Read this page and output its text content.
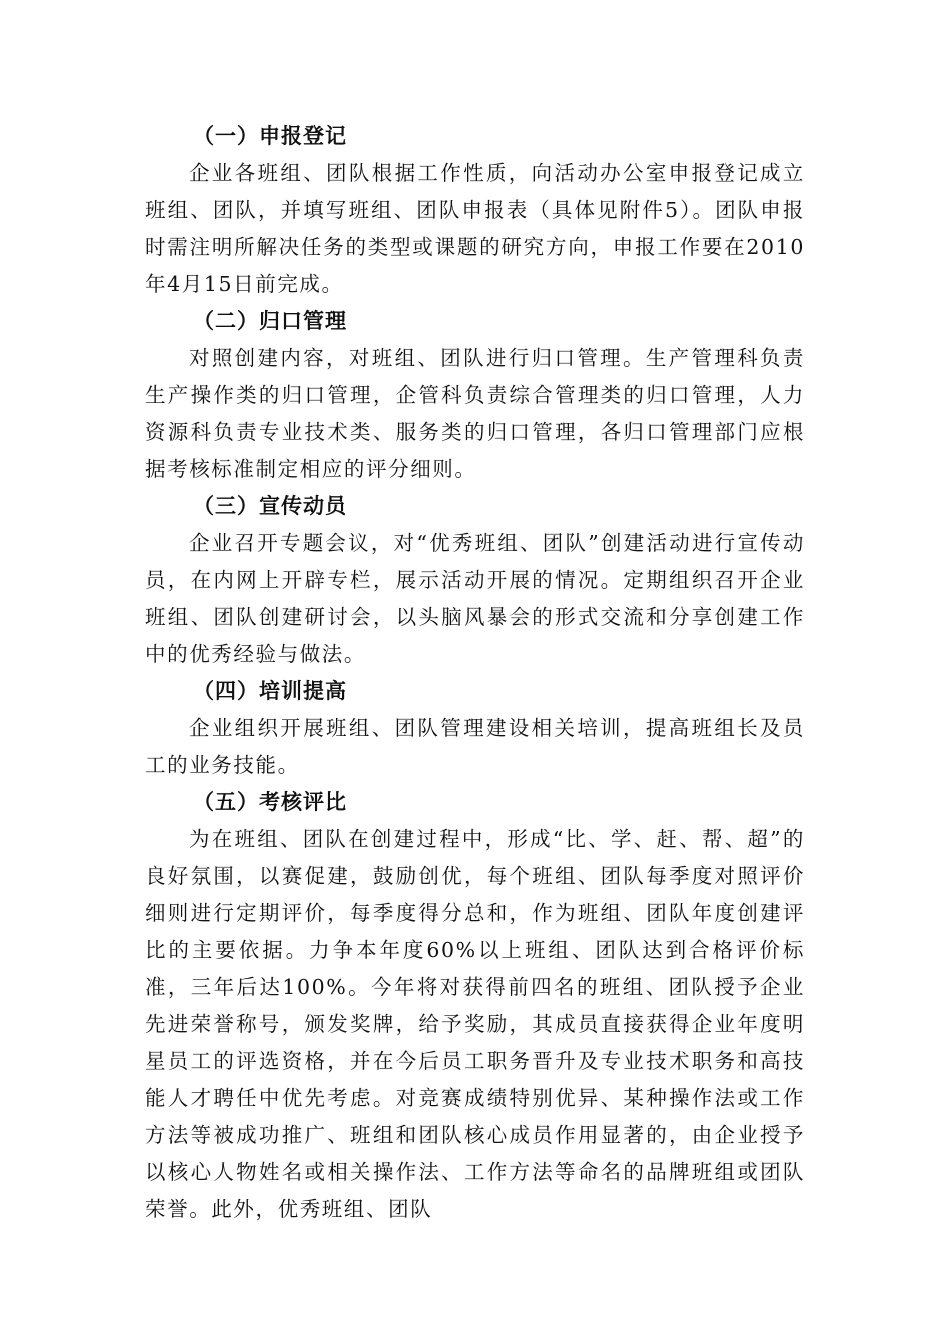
（一）申报登记

企业各班组、团队根据工作性质，向活动办公室申报登记成立班组、团队，并填写班组、团队申报表（具体见附件5）。团队申报时需注明所解决任务的类型或课题的研究方向，申报工作要在2010年4月15日前完成。

（二）归口管理

对照创建内容，对班组、团队进行归口管理。生产管理科负责生产操作类的归口管理，企管科负责综合管理类的归口管理，人力资源科负责专业技术类、服务类的归口管理，各归口管理部门应根据考核标准制定相应的评分细则。

（三）宣传动员

企业召开专题会议，对“优秀班组、团队”创建活动进行宣传动员，在内网上开辟专栏，展示活动开展的情况。定期组织召开企业班组、团队创建研讨会，以头脑风暴会的形式交流和分享创建工作中的优秀经验与做法。

（四）培训提高

企业组织开展班组、团队管理建设相关培训，提高班组长及员工的业务技能。

（五）考核评比

为在班组、团队在创建过程中，形成“比、学、赶、帮、超”的良好氛围，以赛促建，鼓励创优，每个班组、团队每季度对照评价细则进行定期评价，每季度得分总和，作为班组、团队年度创建评比的主要依据。力争本年度60%以上班组、团队达到合格评价标准，三年后达100%。今年将对获得前四名的班组、团队授予企业先进荣誉称号，颁发奖牌，给予奖励，其成员直接获得企业年度明星员工的评选资格，并在今后员工职务晋升及专业技术职务和高技能人才聘任中优先考虑。对竞赛成绩特别优异、某种操作法或工作方法等被成功推广、班组和团队核心成员作用显著的，由企业授予以核心人物姓名或相关操作法、工作方法等命名的品牌班组或团队荣誉。此外，优秀班组、团队
